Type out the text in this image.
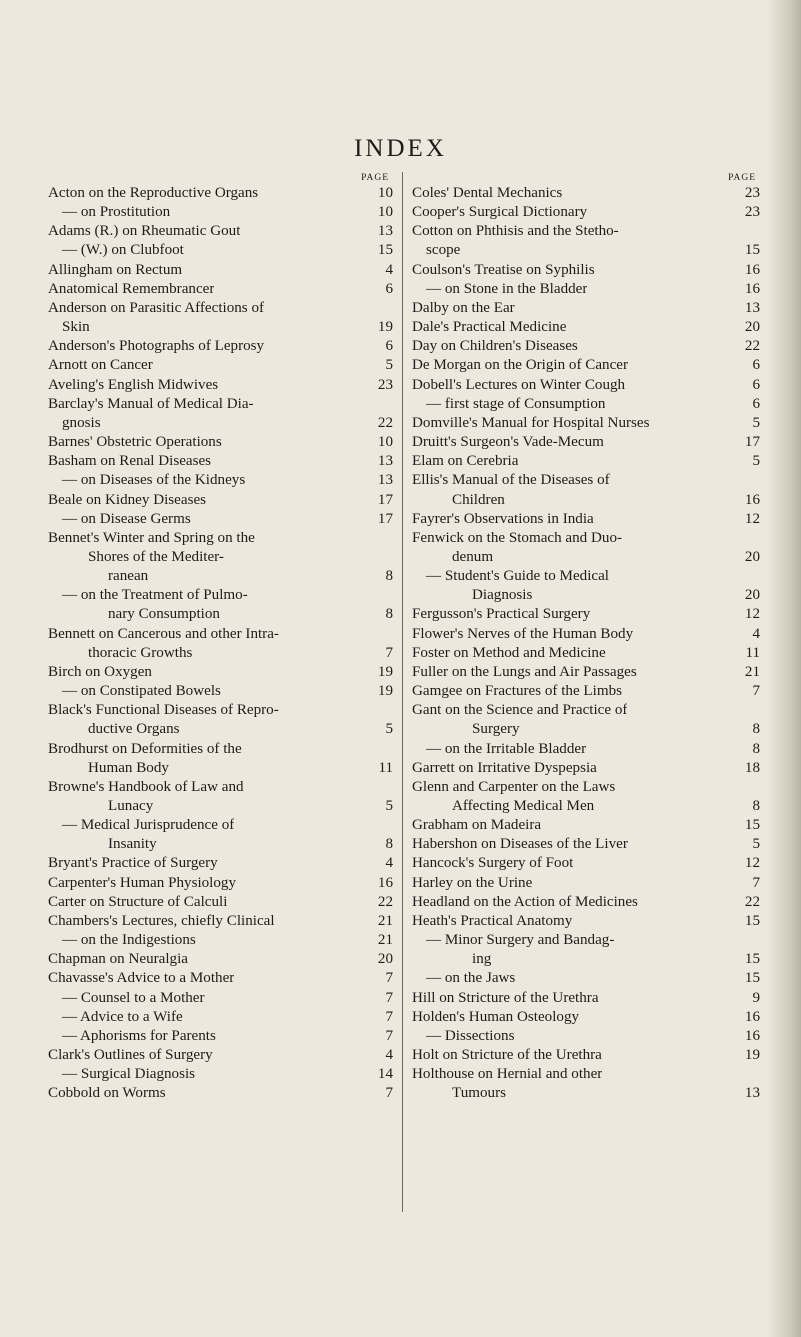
INDEX
PAGE
Acton on the Reproductive Organs	10
— on Prostitution	10
Adams (R.) on Rheumatic Gout	13
— (W.) on Clubfoot	15
Allingham on Rectum	4
Anatomical Remembrancer	6
Anderson on Parasitic Affections of
Skin	19
Anderson's Photographs of Leprosy	6
Arnott on Cancer	5
Aveling's English Midwives	23
Barclay's Manual of Medical Dia-
gnosis	22
Barnes' Obstetric Operations	10
Basham on Renal Diseases	13
— on Diseases of the Kidneys	13
Beale on Kidney Diseases	17
— on Disease Germs	17
Bennet's Winter and Spring on the
Shores of the Mediter-
ranean	8
— on the Treatment of Pulmo-
nary Consumption	8
Bennett on Cancerous and other Intra-
thoracic Growths	7
Birch on Oxygen	19
— on Constipated Bowels	19
Black's Functional Diseases of Repro-
ductive Organs	5
Brodhurst on Deformities of the
Human Body	11
Browne's Handbook of Law and
Lunacy	5
— Medical Jurisprudence of
Insanity	8
Bryant's Practice of Surgery	4
Carpenter's Human Physiology	16
Carter on Structure of Calculi	22
Chambers's Lectures, chiefly Clinical	21
— on the Indigestions	21
Chapman on Neuralgia	20
Chavasse's Advice to a Mother	7
— Counsel to a Mother	7
— Advice to a Wife	7
— Aphorisms for Parents	7
Clark's Outlines of Surgery	4
— Surgical Diagnosis	14
Cobbold on Worms	7
PAGE
Coles' Dental Mechanics	23
Cooper's Surgical Dictionary	23
Cotton on Phthisis and the Stetho-
scope	15
Coulson's Treatise on Syphilis	16
— on Stone in the Bladder	16
Dalby on the Ear	13
Dale's Practical Medicine	20
Day on Children's Diseases	22
De Morgan on the Origin of Cancer	6
Dobell's Lectures on Winter Cough	6
— first stage of Consumption	6
Domville's Manual for Hospital Nurses	5
Druitt's Surgeon's Vade-Mecum	17
Elam on Cerebria	5
Ellis's Manual of the Diseases of
Children	16
Fayrer's Observations in India	12
Fenwick on the Stomach and Duo-
denum	20
— Student's Guide to Medical
Diagnosis	20
Fergusson's Practical Surgery	12
Flower's Nerves of the Human Body	4
Foster on Method and Medicine	11
Fuller on the Lungs and Air Passages	21
Gamgee on Fractures of the Limbs	7
Gant on the Science and Practice of
Surgery	8
— on the Irritable Bladder	8
Garrett on Irritative Dyspepsia	18
Glenn and Carpenter on the Laws
Affecting Medical Men	8
Grabham on Madeira	15
Habershon on Diseases of the Liver	5
Hancock's Surgery of Foot	12
Harley on the Urine	7
Headland on the Action of Medicines	22
Heath's Practical Anatomy	15
— Minor Surgery and Bandag-
ing	15
— on the Jaws	15
Hill on Stricture of the Urethra	9
Holden's Human Osteology	16
— Dissections	16
Holt on Stricture of the Urethra	19
Holthouse on Hernial and other
Tumours	13
